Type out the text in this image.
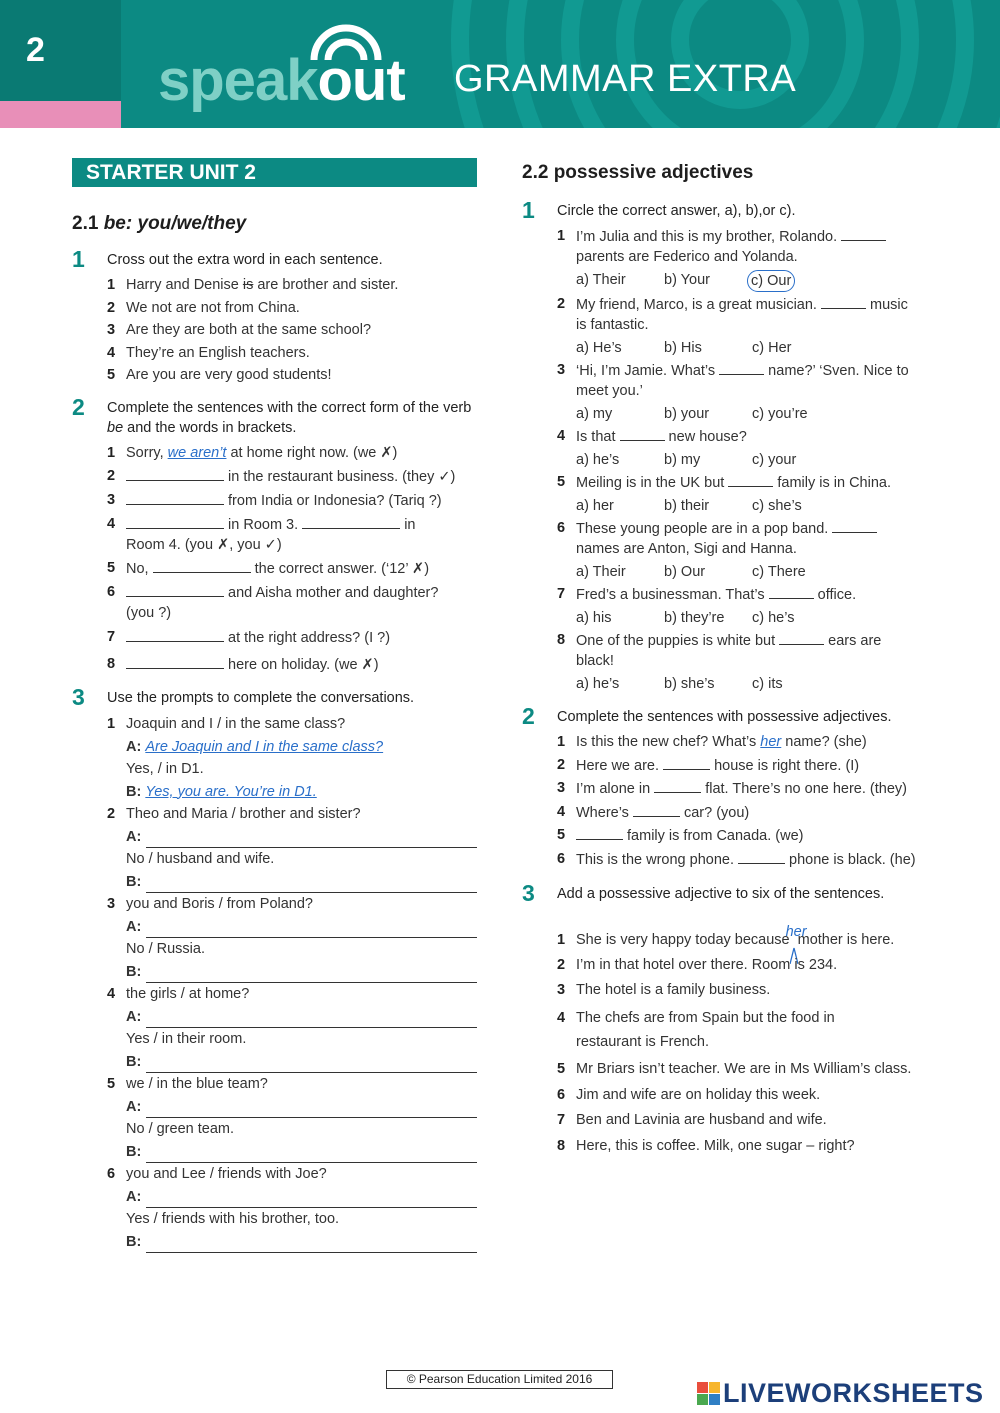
2	speakout GRAMMAR EXTRA
STARTER UNIT 2
2.1 be: you/we/they
1 Cross out the extra word in each sentence.
1 Harry and Denise is are brother and sister.
2 We not are not from China.
3 Are they are both at the same school?
4 They’re an English teachers.
5 Are you are very good students!
2 Complete the sentences with the correct form of the verb be and the words in brackets.
1 Sorry, we aren’t at home right now. (we ✗)
2	in the restaurant business. (they ✓)
3	from India or Indonesia? (Tariq ?)
4	in Room 3.	in
Room 4. (you ✗, you ✓)
5 No,	the correct answer. (‘12’ ✗)
6	and Aisha mother and daughter?
(you ?)
7	at the right address? (I ?)
8	here on holiday. (we ✗)
3 Use the prompts to complete the conversations.
1 Joaquin and I / in the same class?
A: Are Joaquin and I in the same class?
Yes, / in D1.
B: Yes, you are. You’re in D1.
2 Theo and Maria / brother and sister?
A:
No / husband and wife.
B:
3 you and Boris / from Poland?
A:
No / Russia.
B:
4 the girls / at home?
A:
Yes / in their room.
B:
5 we / in the blue team?
A:
No / green team.
B:
6 you and Lee / friends with Joe?
A:
Yes / friends with his brother, too.
B:
2.2 possessive adjectives
1 Circle the correct answer, a), b),or c).
1 I’m Julia and this is my brother, Rolando.
parents are Federico and Yolanda.
a) Their	b) Your	c) Our
2 My friend, Marco, is a great musician.	music
is fantastic.
a) He’s	b) His	c) Her
3 ‘Hi, I’m Jamie. What’s	name?’ ‘Sven. Nice to
meet you.’
a) my	b) your	c) you’re
4 Is that	new house?
a) he’s	b) my	c) your
5 Meiling is in the UK but	family is in China.
a) her	b) their	c) she’s
6 These young people are in a pop band.
names are Anton, Sigi and Hanna.
a) Their	b) Our	c) There
7 Fred’s a businessman. That’s	office.
a) his	b) they’re	c) he’s
8 One of the puppies is white but	ears are
black!
a) he’s	b) she’s	c) its
2 Complete the sentences with possessive adjectives.
1 Is this the new chef? What’s her name? (she)
2 Here we are.	house is right there. (I)
3 I’m alone in	flat. There’s no one here. (they)
4 Where’s	car? (you)
5	family is from Canada. (we)
6 This is the wrong phone.	phone is black. (he)
3 Add a possessive adjective to six of the sentences.
1 She is very happy today because
her
mother is here.
2 I’m in that hotel over there. Room is 234.
3 The hotel is a family business.
4 The chefs are from Spain but the food in
restaurant is French.
5 Mr Briars isn’t teacher. We are in Ms William’s class.
6 Jim and wife are on holiday this week.
7 Ben and Lavinia are husband and wife.
8 Here, this is coffee. Milk, one sugar – right?
© Pearson Education Limited 2016	LIVEWORKSHEETS
